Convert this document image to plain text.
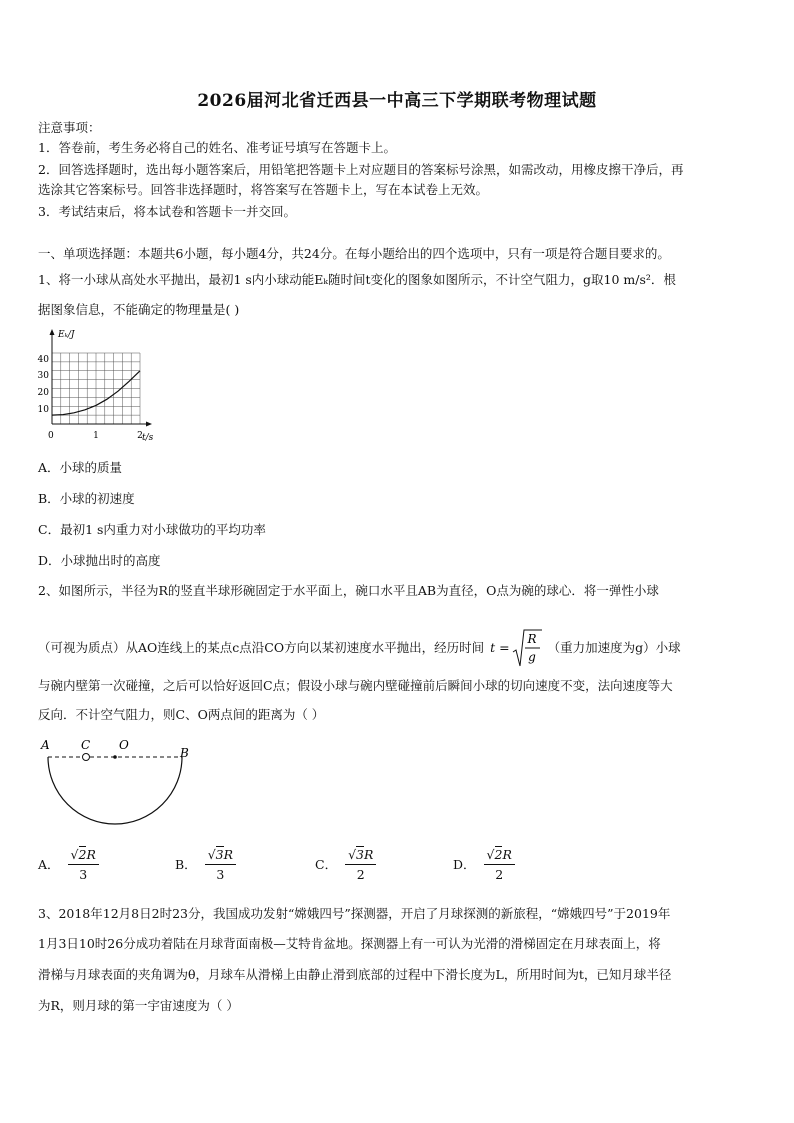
2026届河北省迁西县一中高三下学期联考物理试题
注意事项：
1．答卷前，考生务必将自己的姓名、准考证号填写在答题卡上。
2．回答选择题时，选出每小题答案后，用铅笔把答题卡上对应题目的答案标号涂黑，如需改动，用橡皮擦干净后，再
选涂其它答案标号。回答非选择题时，将答案写在答题卡上，写在本试卷上无效。
3．考试结束后，将本试卷和答题卡一并交回。
一、单项选择题：本题共6小题，每小题4分，共24分。在每小题给出的四个选项中，只有一项是符合题目要求的。
1、将一小球从高处水平抛出，最初1 s内小球动能Eₖ随时间t变化的图象如图所示，不计空气阻力，g取10 m/s²．根
据图象信息，不能确定的物理量是( )
Eₖ/J
t/s
10
20
30
40
0	1	2
A．小球的质量
B．小球的初速度
C．最初1 s内重力对小球做功的平均功率
D．小球抛出时的高度
2、如图所示，半径为R的竖直半球形碗固定于水平面上，碗口水平且AB为直径，O点为碗的球心．将一弹性小球
（可视为质点）从AO连线上的某点c点沿CO方向以某初速度水平抛出，经历时间 t =
R
g
（重力加速度为g）小球
与碗内壁第一次碰撞，之后可以恰好返回C点；假设小球与碗内壁碰撞前后瞬间小球的切向速度不变，法向速度等大
反向．不计空气阻力，则C、O两点间的距离为（ ）
A	C O
B
A． $\frac{√2R}{3}$	B． $\frac{√3R}{3}$	C． $\frac{√3R}{2}$	D． $\frac{√2R}{2}$
3、2018年12月8日2时23分，我国成功发射“嫦娥四号”探测器，开启了月球探测的新旅程，“嫦娥四号”于2019年
1月3日10时26分成功着陆在月球背面南极—艾特肯盆地。探测器上有一可认为光滑的滑梯固定在月球表面上，将
滑梯与月球表面的夹角调为θ，月球车从滑梯上由静止滑到底部的过程中下滑长度为L，所用时间为t，已知月球半径
为R，则月球的第一宇宙速度为（ ）
